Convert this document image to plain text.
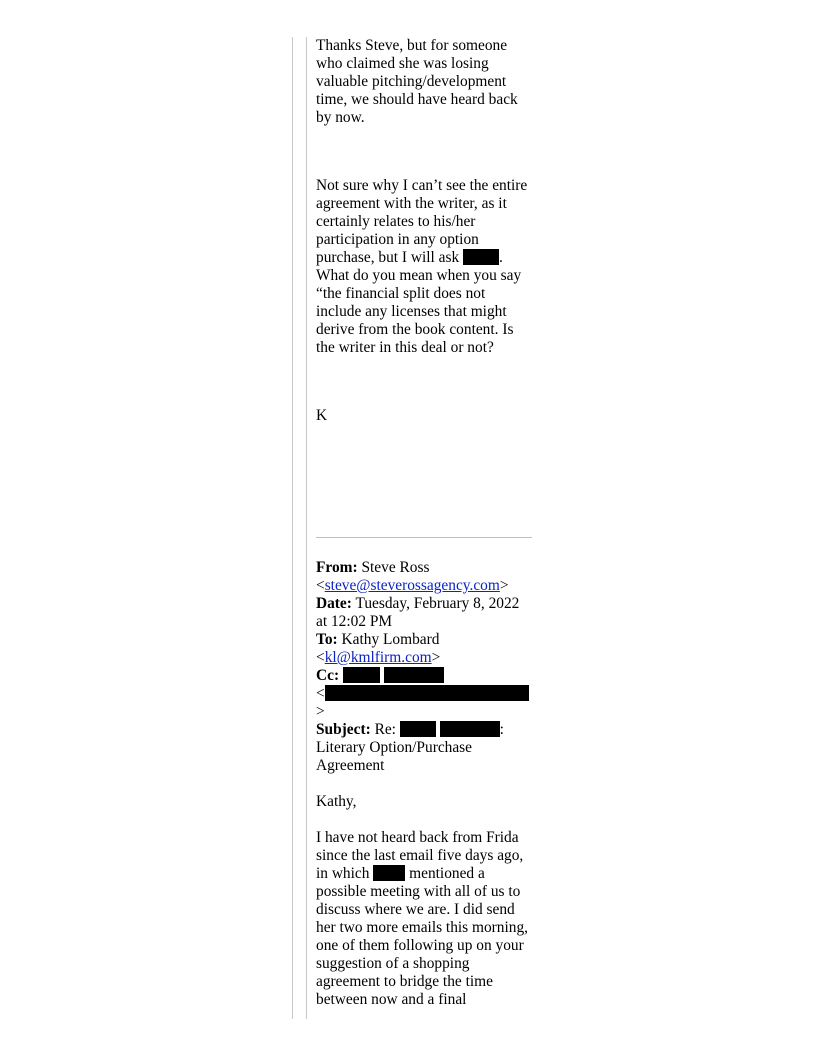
Thanks Steve, but for someone who claimed she was losing valuable pitching/development time, we should have heard back by now.

Not sure why I can’t see the entire agreement with the writer, as it certainly relates to his/her participation in any option purchase, but I will ask	. What do you mean when you say “the financial split does not include any licenses that might derive from the book content. Is the writer in this deal or not?

K

From: Steve Ross <steve@steverossagency.com>
Date: Tuesday, February 8, 2022 at 12:02 PM
To: Kathy Lombard <kl@kmlfirm.com>
Cc:
<
>
Subject: Re:	: Literary Option/Purchase Agreement

Kathy,

I have not heard back from Frida since the last email five days ago, in which	mentioned a possible meeting with all of us to discuss where we are. I did send her two more emails this morning, one of them following up on your suggestion of a shopping agreement to bridge the time between now and a final
